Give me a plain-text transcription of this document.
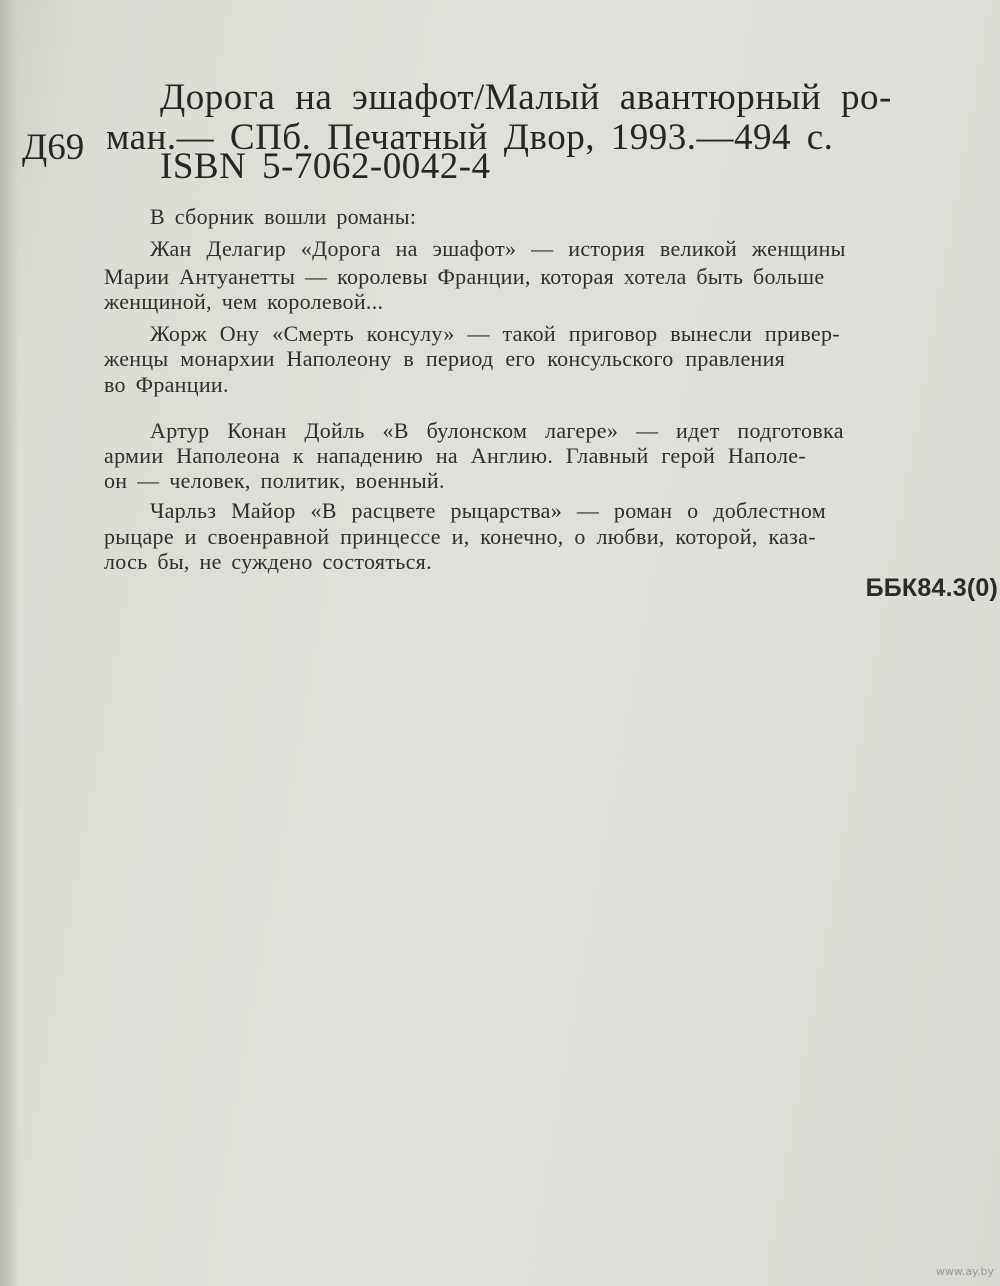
Дорога на эшафот/Малый авантюрный ро-
Д69 ман.— СПб. Печатный Двор, 1993.—494 с.
ISBN 5-7062-0042-4
В сборник вошли романы:
Жан Делагир «Дорога на эшафот» — история великой женщины
Марии Антуанетты — королевы Франции, которая хотела быть больше
женщиной, чем королевой...
Жорж Ону «Смерть консулу» — такой приговор вынесли привер-
женцы монархии Наполеону в период его консульского правления
во Франции.
Артур Конан Дойль «В булонском лагере» — идет подготовка
армии Наполеона к нападению на Англию. Главный герой Наполе-
он — человек, политик, военный.
Чарльз Майор «В расцвете рыцарства» — роман о доблестном
рыцаре и своенравной принцессе и, конечно, о любви, которой, каза-
лось бы, не суждено состояться.
ББК84.3(0)
www.ay.by
